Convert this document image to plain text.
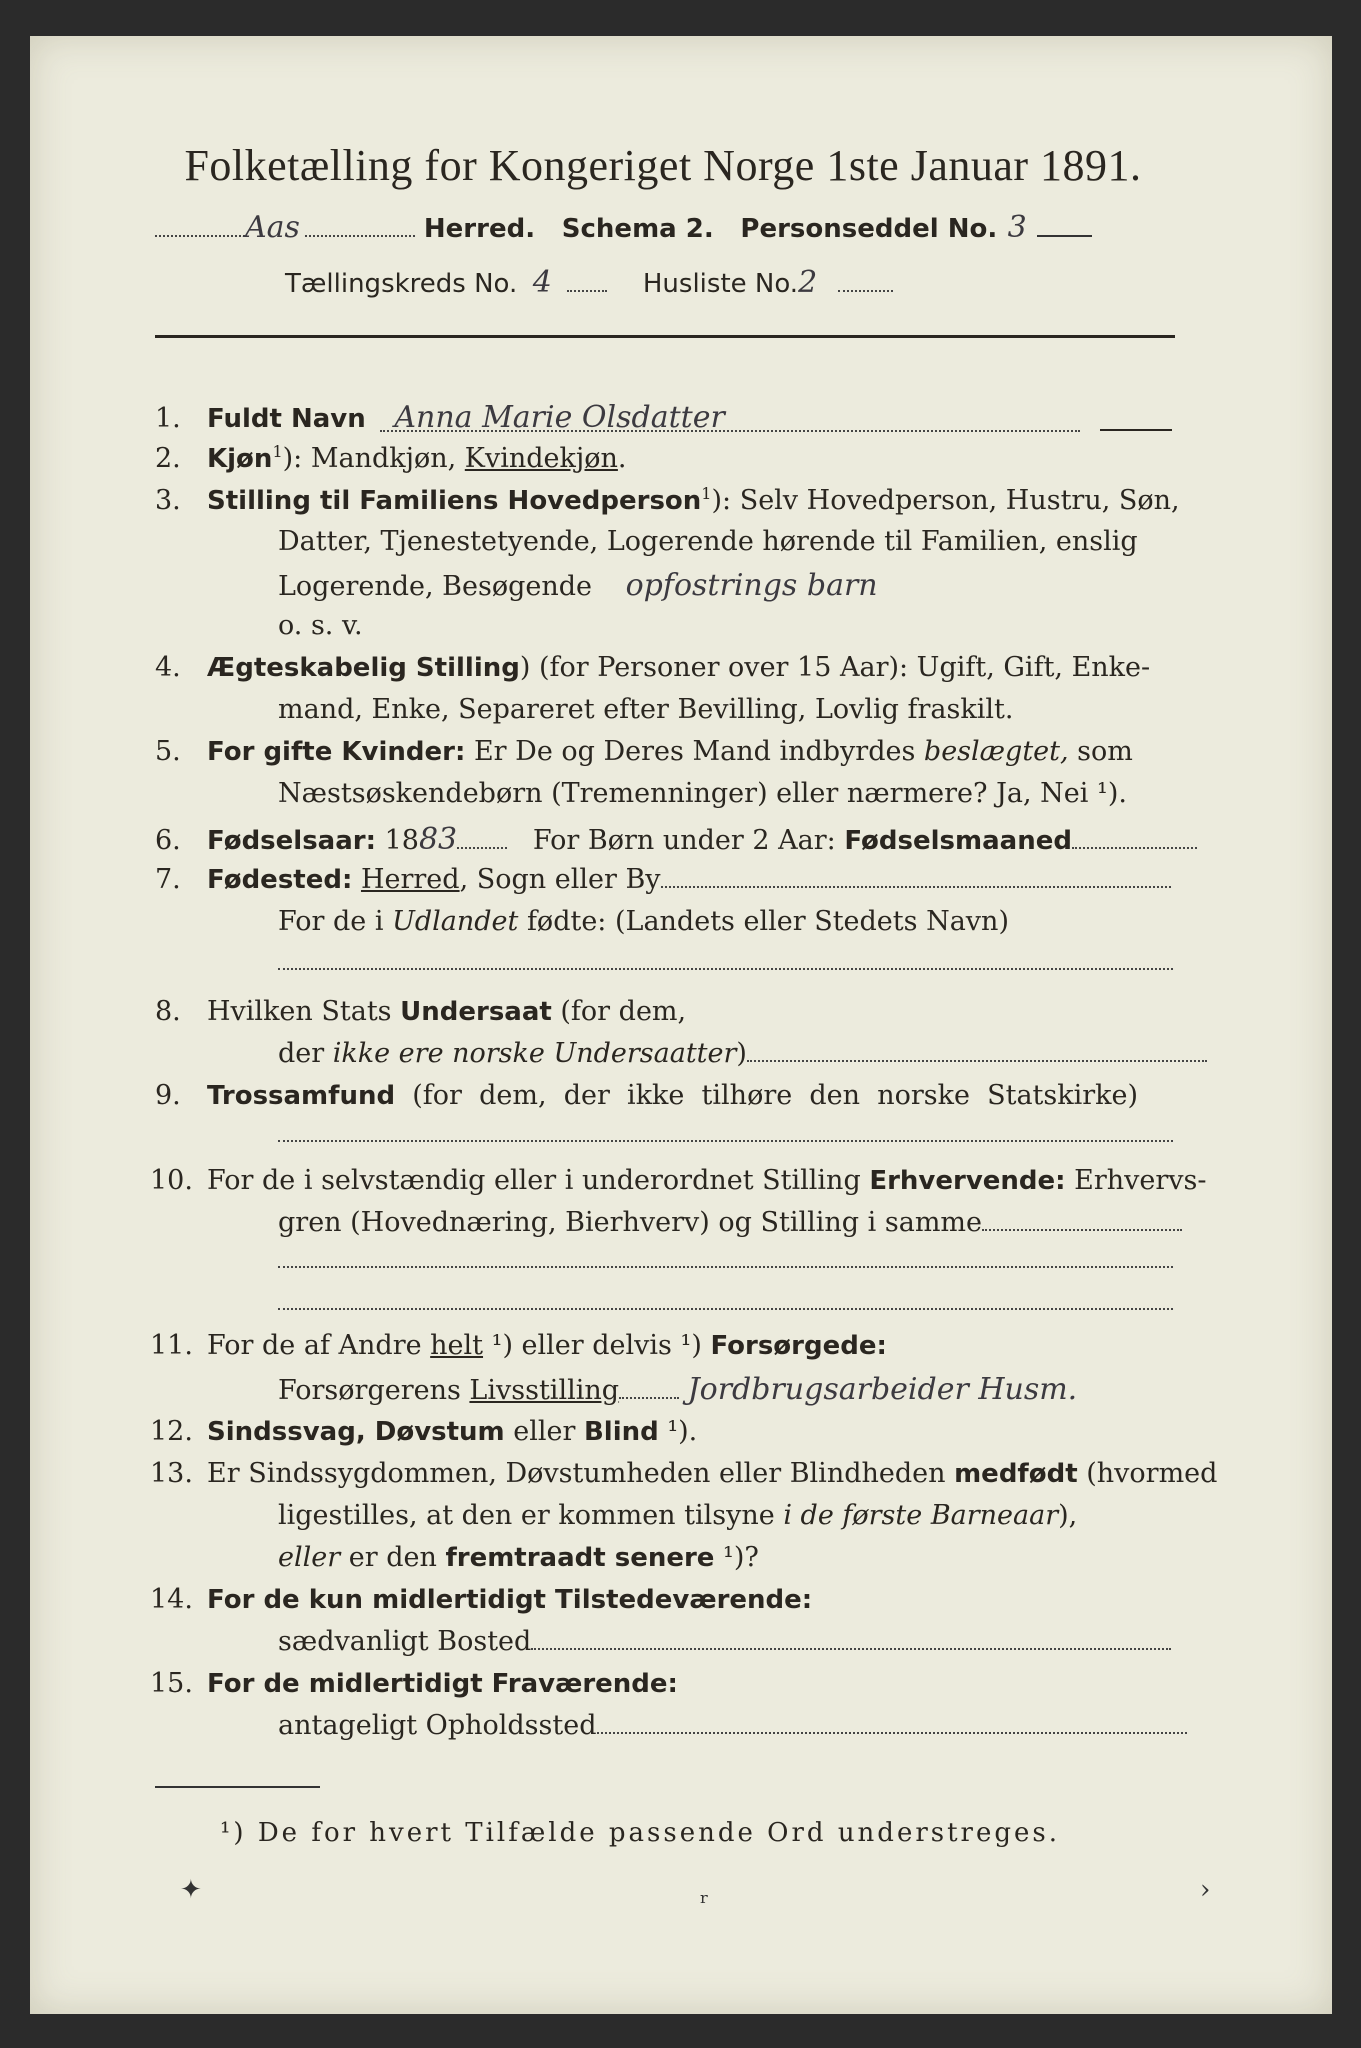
Folketælling for Kongeriget Norge 1ste Januar 1891.
Aas	Herred. Schema 2. Personseddel No. 3
Tællingskreds No. 4	Husliste No.2
1. Fuldt Navn Anna Marie Olsdatter
2. Kjøn$^1$): Mandkjøn, Kvindekjøn.
3. Stilling til Familiens Hovedperson$^1$): Selv Hovedperson, Hustru, Søn,
Datter, Tjenestetyende, Logerende hørende til Familien, enslig
Logerende, Besøgende opfostrings barn
o. s. v.
4. Ægteskabelig Stilling) (for Personer over 15 Aar): Ugift, Gift, Enke-
mand, Enke, Separeret efter Bevilling, Lovlig fraskilt.
5. For gifte Kvinder: Er De og Deres Mand indbyrdes beslægtet, som
Næstsøskendebørn (Tremenninger) eller nærmere? Ja, Nei ¹).
6. Fødselsaar: 1883	For Børn under 2 Aar: Fødselsmaaned
7. Fødested: Herred, Sogn eller By
For de i Udlandet fødte: (Landets eller Stedets Navn)
8. Hvilken Stats Undersaat (for dem,
der ikke ere norske Undersaatter)
9. Trossamfund  (for  dem,  der  ikke  tilhøre  den  norske  Statskirke)
10. For de i selvstændig eller i underordnet Stilling Erhvervende: Erhvervs-
gren (Hovednæring, Bierhverv) og Stilling i samme
11. For de af Andre helt ¹) eller delvis ¹) Forsørgede:
Forsørgerens Livsstilling Jordbrugsarbeider Husm.
12. Sindssvag, Døvstum eller Blind ¹).
13. Er Sindssygdommen, Døvstumheden eller Blindheden medfødt (hvormed
ligestilles, at den er kommen tilsyne i de første Barneaar),
eller er den fremtraadt senere ¹)?
14. For de kun midlertidigt Tilstedeværende:
sædvanligt Bosted
15. For de midlertidigt Fraværende:
antageligt Opholdssted
¹) De for hvert Tilfælde passende Ord understreges.
✦	ᵣ	›
